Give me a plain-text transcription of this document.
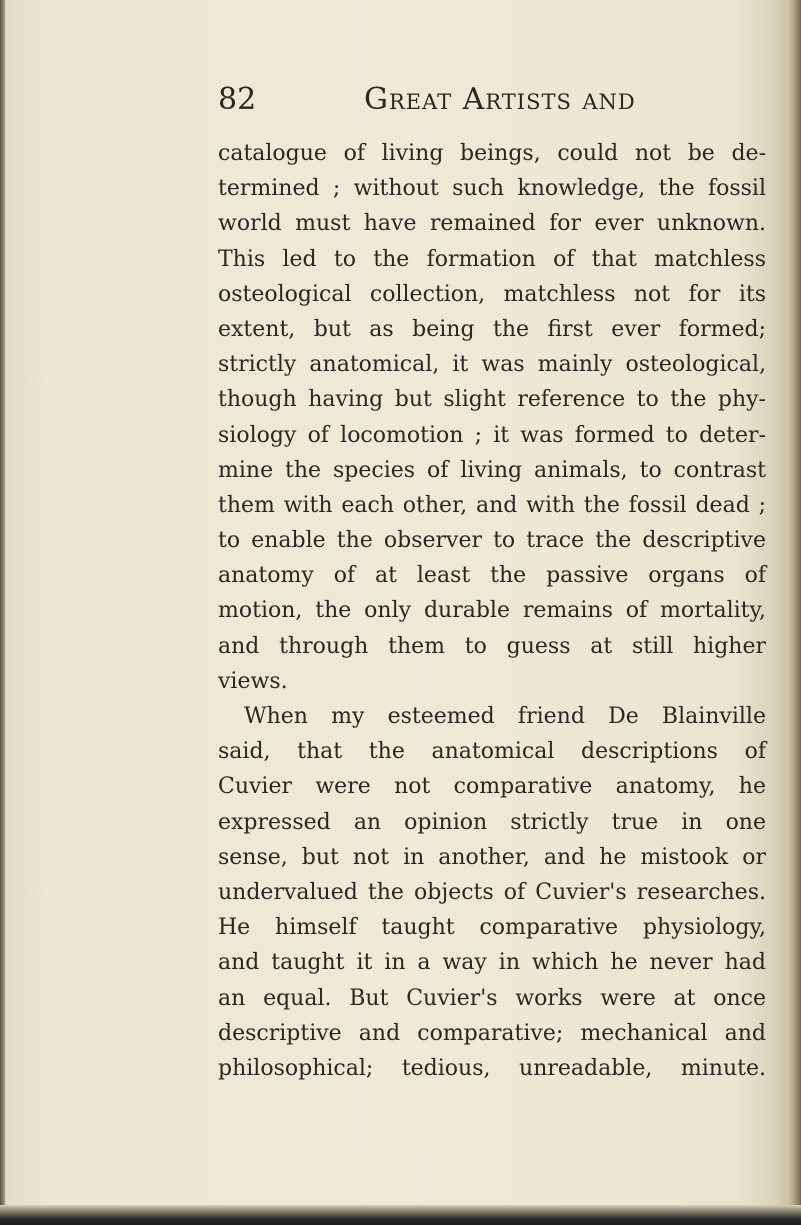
82	Great Artists and
catalogue of living beings, could not be de-
termined ; without such knowledge, the fossil
world must have remained for ever unknown.
This led to the formation of that matchless
osteological collection, matchless not for its
extent, but as being the first ever formed;
strictly anatomical, it was mainly osteological,
though having but slight reference to the phy-
siology of locomotion ; it was formed to deter-
mine the species of living animals, to contrast
them with each other, and with the fossil dead ;
to enable the observer to trace the descriptive
anatomy of at least the passive organs of
motion, the only durable remains of mortality,
and through them to guess at still higher
views.
When my esteemed friend De Blainville
said, that the anatomical descriptions of
Cuvier were not comparative anatomy, he
expressed an opinion strictly true in one
sense, but not in another, and he mistook or
undervalued the objects of Cuvier's researches.
He himself taught comparative physiology,
and taught it in a way in which he never had
an equal. But Cuvier's works were at once
descriptive and comparative; mechanical and
philosophical; tedious, unreadable, minute.
